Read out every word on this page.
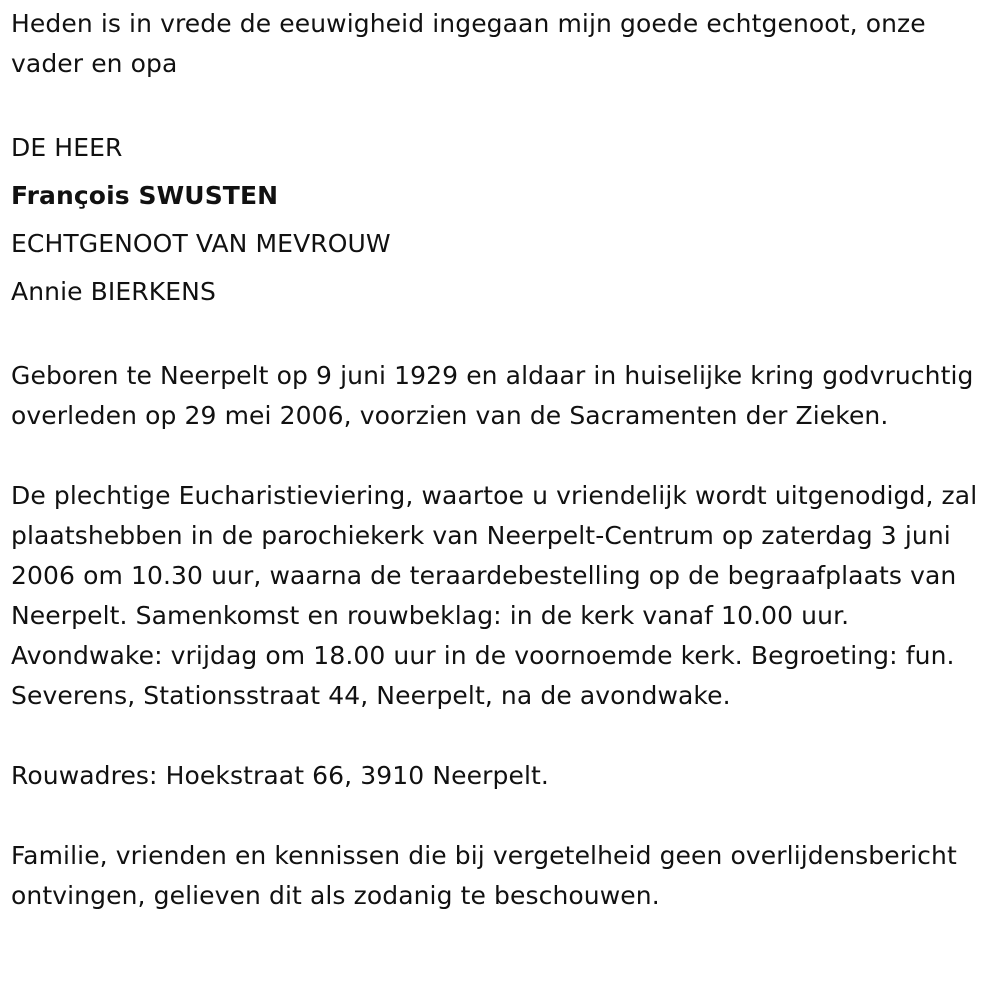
Heden is in vrede de eeuwigheid ingegaan mijn goede echtgenoot, onze vader en opa

DE HEER
François SWUSTEN
ECHTGENOOT VAN MEVROUW
Annie BIERKENS

Geboren te Neerpelt op 9 juni 1929 en aldaar in huiselijke kring godvruchtig overleden op 29 mei 2006, voorzien van de Sacramenten der Zieken.

De plechtige Eucharistieviering, waartoe u vriendelijk wordt uitgenodigd, zal plaatshebben in de parochiekerk van Neerpelt-Centrum op zaterdag 3 juni 2006 om 10.30 uur, waarna de teraardebestelling op de begraafplaats van Neerpelt. Samenkomst en rouwbeklag: in de kerk vanaf 10.00 uur. Avondwake: vrijdag om 18.00 uur in de voornoemde kerk. Begroeting: fun. Severens, Stationsstraat 44, Neerpelt, na de avondwake.

Rouwadres: Hoekstraat 66, 3910 Neerpelt.

Familie, vrienden en kennissen die bij vergetelheid geen overlijdensbericht ontvingen, gelieven dit als zodanig te beschouwen.
